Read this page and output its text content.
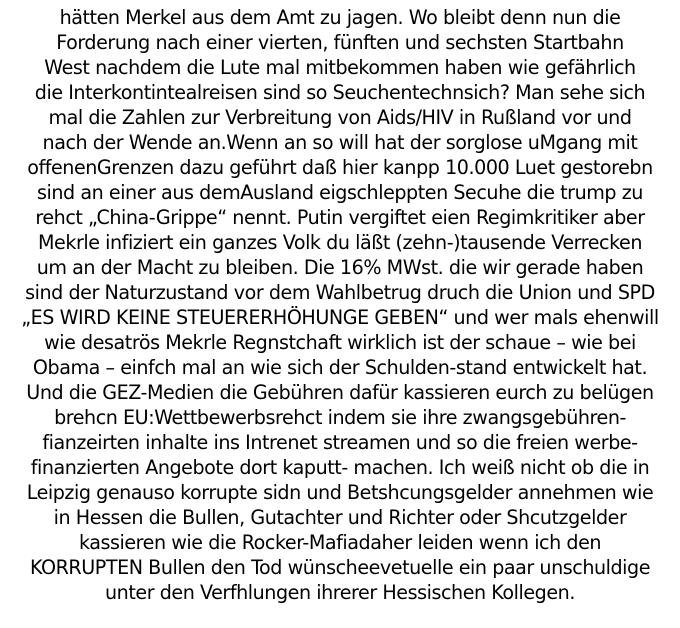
hätten Merkel aus dem Amt zu jagen. Wo bleibt denn nun die
Forderung nach einer vierten, fünften und sechsten Startbahn
West nachdem die Lute mal mitbekommen haben wie gefährlich
die Interkontintealreisen sind so Seuchentechnsich? Man sehe sich
mal die Zahlen zur Verbreitung von Aids/HIV in Rußland vor und
nach der Wende an.Wenn an so will hat der sorglose uMgang mit
offenenGrenzen dazu geführt daß hier kanpp 10.000 Luet gestorebn
sind an einer aus demAusland eigschleppten Secuhe die trump zu
rehct „China-Grippe“ nennt. Putin vergiftet eien Regimkritiker aber
Mekrle infiziert ein ganzes Volk du läßt (zehn-)tausende Verrecken
um an der Macht zu bleiben. Die 16% MWst. die wir gerade haben
sind der Naturzustand vor dem Wahlbetrug druch die Union und SPD
„ES WIRD KEINE STEUERERHÖHUNGE GEBEN“ und wer mals ehenwill
wie desatrös Mekrle Regnstchaft wirklich ist der schaue – wie bei
Obama – einfch mal an wie sich der Schulden-stand entwickelt hat.
Und die GEZ-Medien die Gebühren dafür kassieren eurch zu belügen
brehcn EU:Wettbewerbsrehct indem sie ihre zwangsgebühren-
fianzeirten inhalte ins Intrenet streamen und so die freien werbe-
finanzierten Angebote dort kaputt- machen. Ich weiß nicht ob die in
Leipzig genauso korrupte sidn und Betshcungsgelder annehmen wie
in Hessen die Bullen, Gutachter und Richter oder Shcutzgelder
kassieren wie die Rocker-Mafiadaher leiden wenn ich den
KORRUPTEN Bullen den Tod wünscheevetuelle ein paar unschuldige
unter den Verfhlungen ihrerer Hessischen Kollegen.
